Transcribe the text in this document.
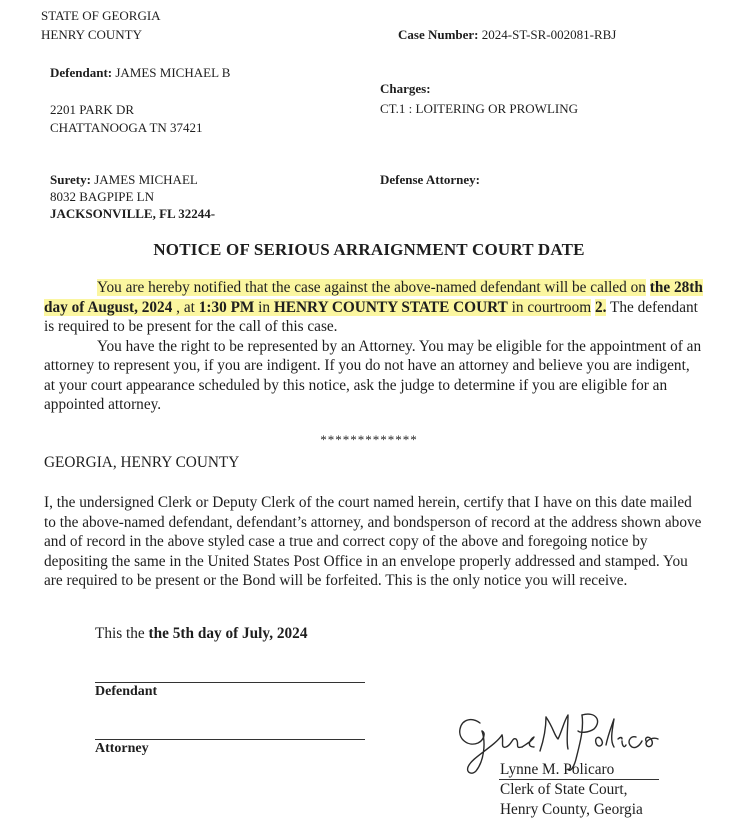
STATE OF GEORGIA
HENRY COUNTY	Case Number: 2024-ST-SR-002081-RBJ
Defendant: JAMES MICHAEL B
2201 PARK DR
CHATTANOOGA TN 37421
Charges:
CT.1 : LOITERING OR PROWLING
Surety: JAMES MICHAEL
8032 BAGPIPE LN
JACKSONVILLE, FL 32244-
Defense Attorney:
NOTICE OF SERIOUS ARRAIGNMENT COURT DATE

You are hereby notified that the case against the above-named defendant will be called on the 28th day of August, 2024 , at 1:30 PM in HENRY COUNTY STATE COURT in courtroom 2. The defendant is required to be present for the call of this case.

You have the right to be represented by an Attorney. You may be eligible for the appointment of an attorney to represent you, if you are indigent. If you do not have an attorney and believe you are indigent, at your court appearance scheduled by this notice, ask the judge to determine if you are eligible for an appointed attorney.

*************
GEORGIA, HENRY COUNTY
I, the undersigned Clerk or Deputy Clerk of the court named herein, certify that I have on this date mailed to the above-named defendant, defendant’s attorney, and bondsperson of record at the address shown above and of record in the above styled case a true and correct copy of the above and foregoing notice by depositing the same in the United States Post Office in an envelope properly addressed and stamped. You are required to be present or the Bond will be forfeited. This is the only notice you will receive.
This the the 5th day of July, 2024
Defendant
Attorney
Lynne M. Policaro
Clerk of State Court,
Henry County, Georgia
